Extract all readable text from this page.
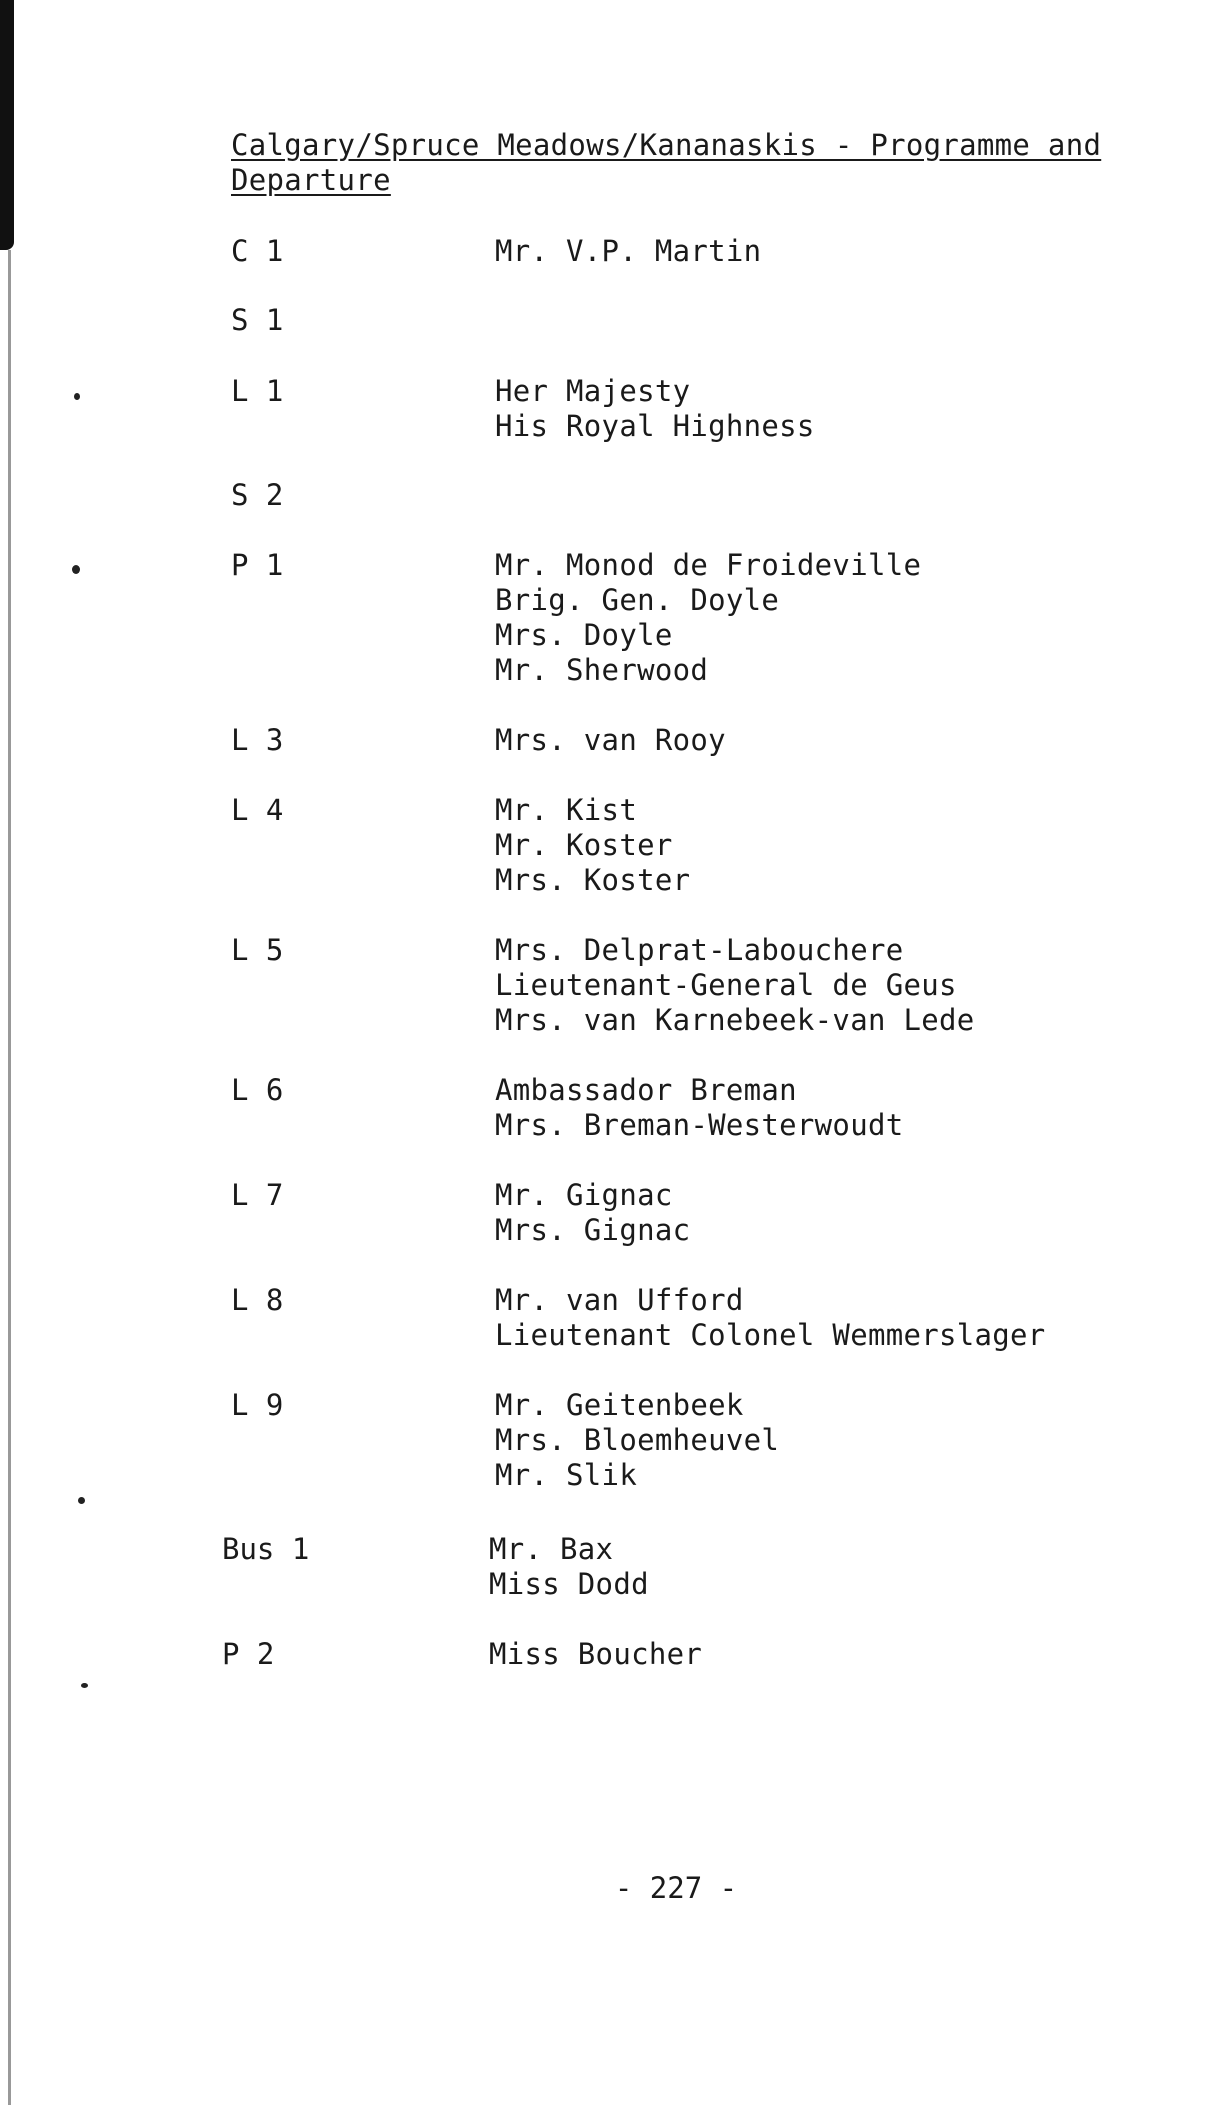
Calgary/Spruce Meadows/Kananaskis - Programme and Departure
C 1	Mr. V.P. Martin
S 1
L 1	Her Majesty
His Royal Highness
S 2
P 1	Mr. Monod de Froideville
Brig. Gen. Doyle
Mrs. Doyle
Mr. Sherwood
L 3	Mrs. van Rooy
L 4	Mr. Kist
Mr. Koster
Mrs. Koster
L 5	Mrs. Delprat-Labouchere
Lieutenant-General de Geus
Mrs. van Karnebeek-van Lede
L 6	Ambassador Breman
Mrs. Breman-Westerwoudt
L 7	Mr. Gignac
Mrs. Gignac
L 8	Mr. van Ufford
Lieutenant Colonel Wemmerslager
L 9	Mr. Geitenbeek
Mrs. Bloemheuvel
Mr. Slik
Bus 1	Mr. Bax
Miss Dodd
P 2	Miss Boucher
- 227 -
